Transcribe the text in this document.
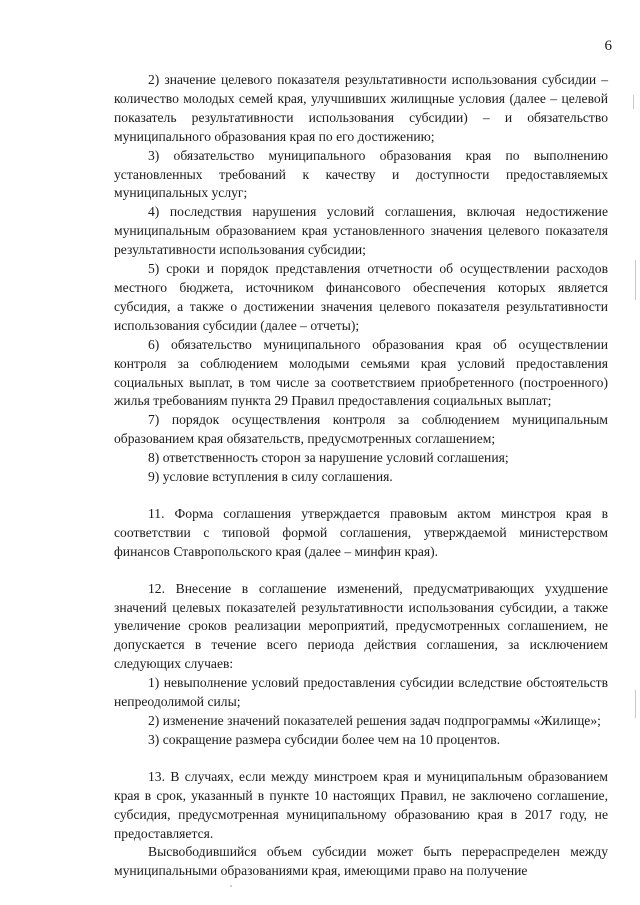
6

2) значение целевого показателя результативности использования субсидии – количество молодых семей края, улучшивших жилищные условия (далее – целевой показатель результативности использования субсидии) – и обязательство муниципального образования края по его достижению;

3) обязательство муниципального образования края по выполнению установленных требований к качеству и доступности предоставляемых муниципальных услуг;

4) последствия нарушения условий соглашения, включая недостижение муниципальным образованием края установленного значения целевого показателя результативности использования субсидии;

5) сроки и порядок представления отчетности об осуществлении расходов местного бюджета, источником финансового обеспечения которых является субсидия, а также о достижении значения целевого показателя результативности использования субсидии (далее – отчеты);

6) обязательство муниципального образования края об осуществлении контроля за соблюдением молодыми семьями края условий предоставления социальных выплат, в том числе за соответствием приобретенного (построенного) жилья требованиям пункта 29 Правил предоставления социальных выплат;

7) порядок осуществления контроля за соблюдением муниципальным образованием края обязательств, предусмотренных соглашением;

8) ответственность сторон за нарушение условий соглашения;

9) условие вступления в силу соглашения.

11. Форма соглашения утверждается правовым актом минстроя края в соответствии с типовой формой соглашения, утверждаемой министерством финансов Ставропольского края (далее – минфин края).

12. Внесение в соглашение изменений, предусматривающих ухудшение значений целевых показателей результативности использования субсидии, а также увеличение сроков реализации мероприятий, предусмотренных соглашением, не допускается в течение всего периода действия соглашения, за исключением следующих случаев:

1) невыполнение условий предоставления субсидии вследствие обстоятельств непреодолимой силы;

2) изменение значений показателей решения задач подпрограммы «Жилище»;

3) сокращение размера субсидии более чем на 10 процентов.

13. В случаях, если между минстроем края и муниципальным образованием края в срок, указанный в пункте 10 настоящих Правил, не заключено соглашение, субсидия, предусмотренная муниципальному образованию края в 2017 году, не предоставляется.

Высвободившийся объем субсидии может быть перераспределен между муниципальными образованиями края, имеющими право на получение
